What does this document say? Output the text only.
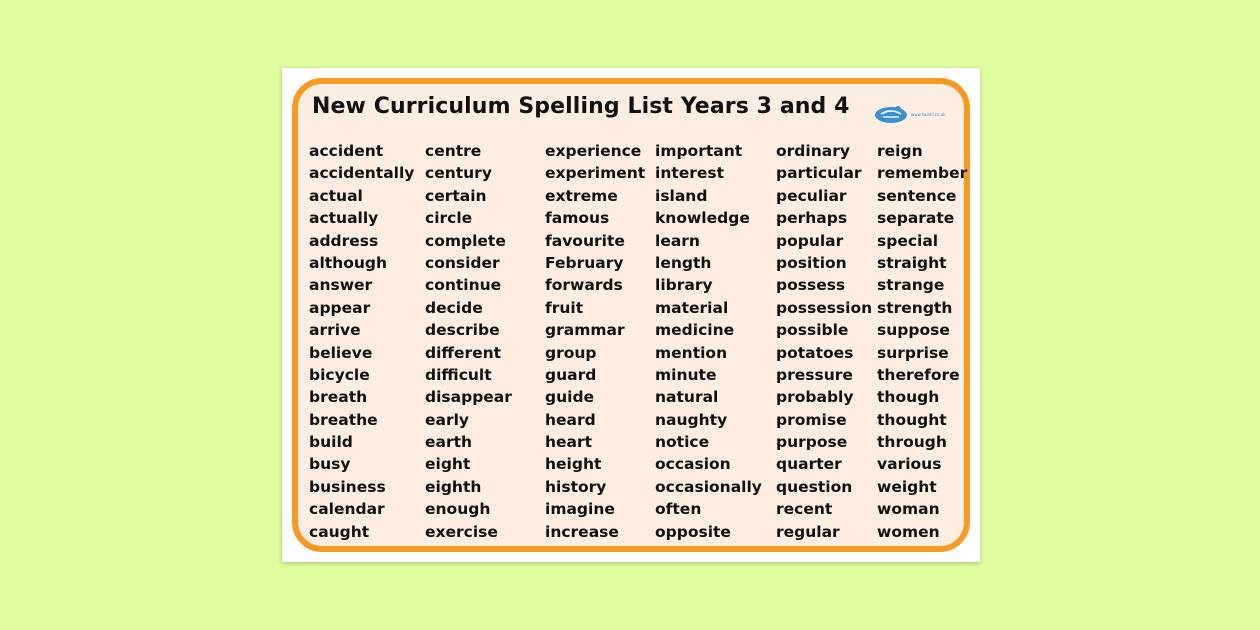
New Curriculum Spelling List Years 3 and 4	www.twinkl.co.uk
accident
accidentally
actual
actually
address
although
answer
appear
arrive
believe
bicycle
breath
breathe
build
busy
business
calendar
caught
centre
century
certain
circle
complete
consider
continue
decide
describe
different
difficult
disappear
early
earth
eight
eighth
enough
exercise
experience
experiment
extreme
famous
favourite
February
forwards
fruit
grammar
group
guard
guide
heard
heart
height
history
imagine
increase
important
interest
island
knowledge
learn
length
library
material
medicine
mention
minute
natural
naughty
notice
occasion
occasionally
often
opposite
ordinary
particular
peculiar
perhaps
popular
position
possess
possession
possible
potatoes
pressure
probably
promise
purpose
quarter
question
recent
regular
reign
remember
sentence
separate
special
straight
strange
strength
suppose
surprise
therefore
though
thought
through
various
weight
woman
women
